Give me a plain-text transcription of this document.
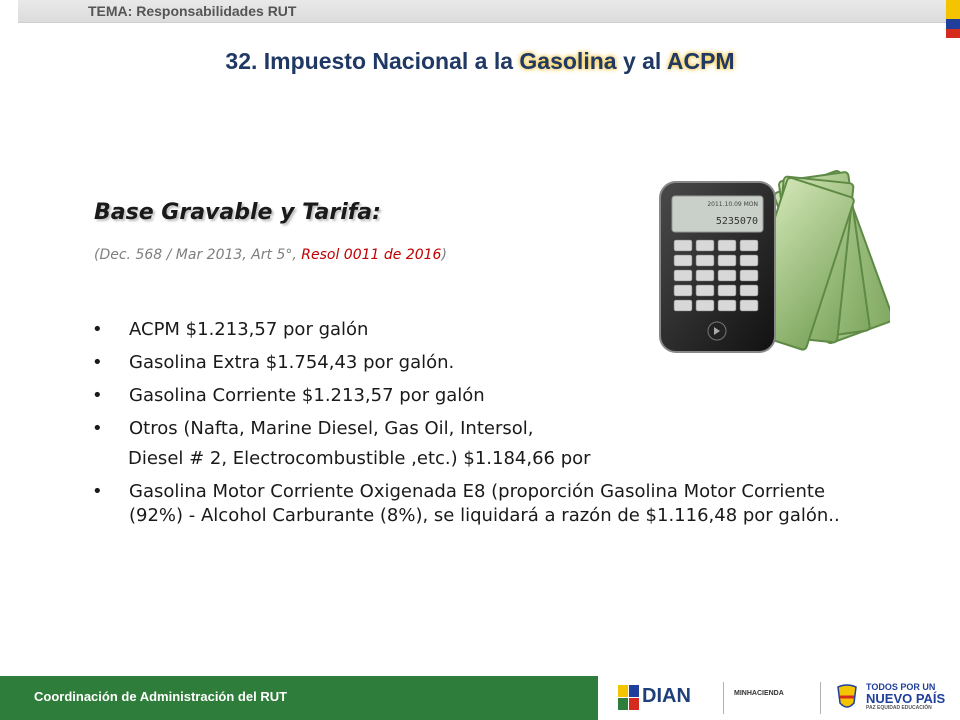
TEMA: Responsabilidades RUT
32. Impuesto Nacional a la Gasolina y al ACPM
Base Gravable y Tarifa:
(Dec. 568 / Mar 2013, Art 5°, Resol 0011 de 2016)
• ACPM $1.213,57 por galón
• Gasolina Extra $1.754,43 por galón.
• Gasolina Corriente $1.213,57 por galón
• Otros (Nafta, Marine Diesel, Gas Oil, Intersol,
Diesel # 2, Electrocombustible ,etc.) $1.184,66 por
• Gasolina Motor Corriente Oxigenada E8 (proporción Gasolina Motor Corriente (92%) - Alcohol Carburante (8%), se liquidará a razón de $1.116,48 por galón..
2011.10.09 MON
5235070
Coordinación de Administración del RUT	DIAN	MINHACIENDA
TODOS POR UN
NUEVO PAÍS
PAZ EQUIDAD EDUCACIÓN
